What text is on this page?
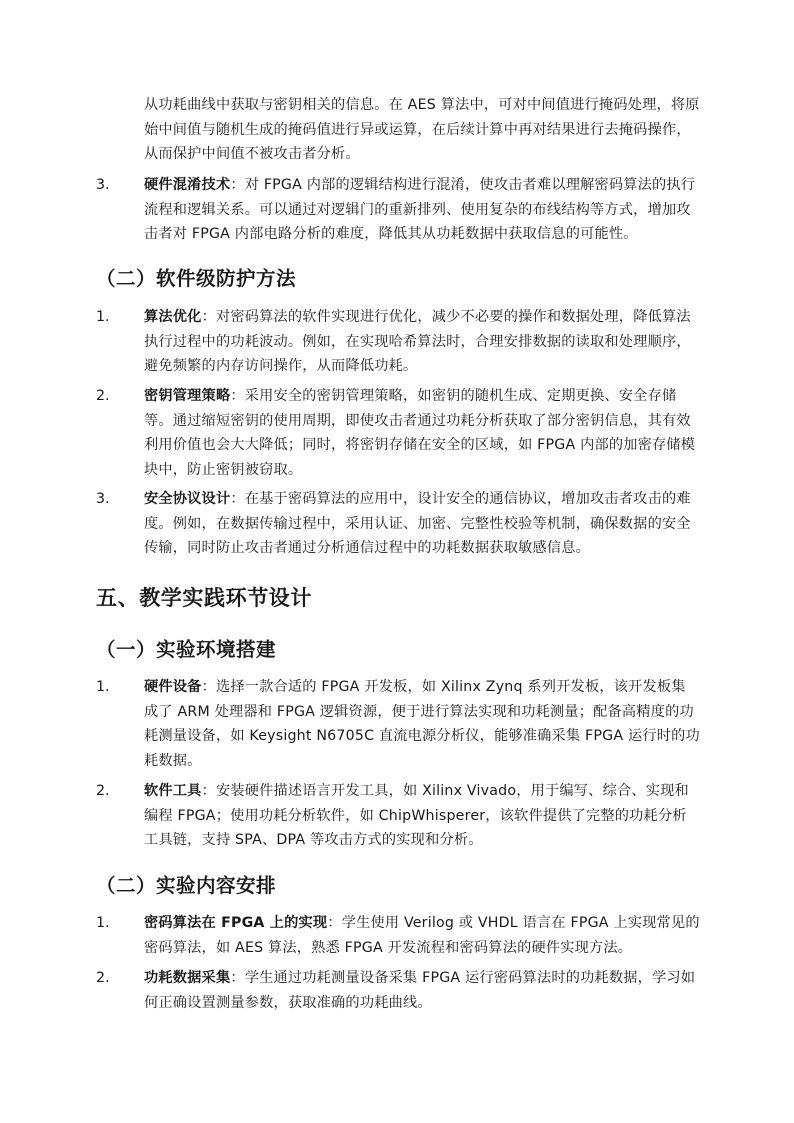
从功耗曲线中获取与密钥相关的信息。在 AES 算法中，可对中间值进行掩码处理，将原始中间值与随机生成的掩码值进行异或运算，在后续计算中再对结果进行去掩码操作，从而保护中间值不被攻击者分析。
3. 硬件混淆技术：对 FPGA 内部的逻辑结构进行混淆，使攻击者难以理解密码算法的执行流程和逻辑关系。可以通过对逻辑门的重新排列、使用复杂的布线结构等方式，增加攻击者对 FPGA 内部电路分析的难度，降低其从功耗数据中获取信息的可能性。
（二）软件级防护方法
1. 算法优化：对密码算法的软件实现进行优化，减少不必要的操作和数据处理，降低算法执行过程中的功耗波动。例如，在实现哈希算法时，合理安排数据的读取和处理顺序，避免频繁的内存访问操作，从而降低功耗。
2. 密钥管理策略：采用安全的密钥管理策略，如密钥的随机生成、定期更换、安全存储等。通过缩短密钥的使用周期，即使攻击者通过功耗分析获取了部分密钥信息，其有效利用价值也会大大降低；同时，将密钥存储在安全的区域，如 FPGA 内部的加密存储模块中，防止密钥被窃取。
3. 安全协议设计：在基于密码算法的应用中，设计安全的通信协议，增加攻击者攻击的难度。例如，在数据传输过程中，采用认证、加密、完整性校验等机制，确保数据的安全传输，同时防止攻击者通过分析通信过程中的功耗数据获取敏感信息。
五、教学实践环节设计
（一）实验环境搭建
1. 硬件设备：选择一款合适的 FPGA 开发板，如 Xilinx Zynq 系列开发板，该开发板集成了 ARM 处理器和 FPGA 逻辑资源，便于进行算法实现和功耗测量；配备高精度的功耗测量设备，如 Keysight N6705C 直流电源分析仪，能够准确采集 FPGA 运行时的功耗数据。
2. 软件工具：安装硬件描述语言开发工具，如 Xilinx Vivado，用于编写、综合、实现和编程 FPGA；使用功耗分析软件，如 ChipWhisperer，该软件提供了完整的功耗分析工具链，支持 SPA、DPA 等攻击方式的实现和分析。
（二）实验内容安排
1. 密码算法在 FPGA 上的实现：学生使用 Verilog 或 VHDL 语言在 FPGA 上实现常见的密码算法，如 AES 算法，熟悉 FPGA 开发流程和密码算法的硬件实现方法。
2. 功耗数据采集：学生通过功耗测量设备采集 FPGA 运行密码算法时的功耗数据，学习如何正确设置测量参数，获取准确的功耗曲线。
